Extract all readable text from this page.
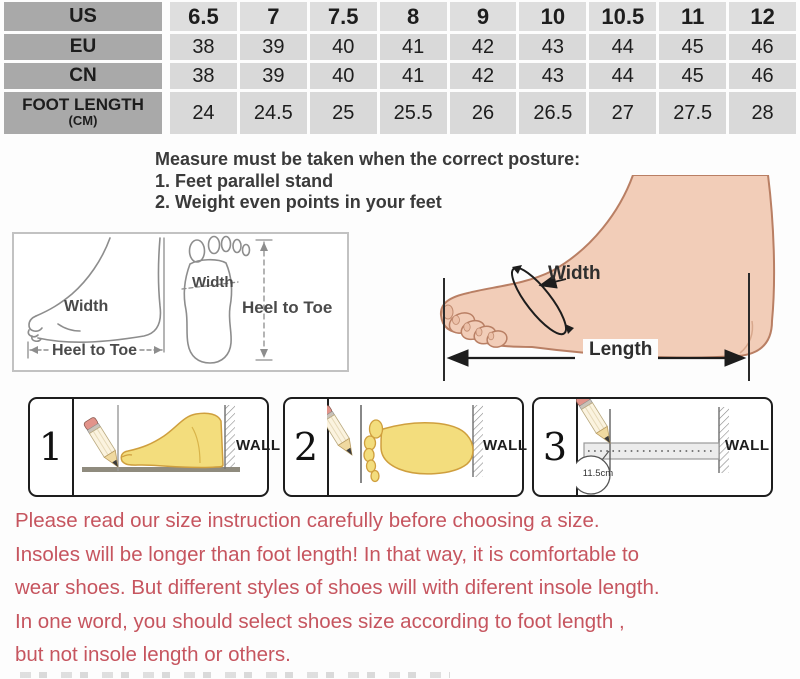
US	6.5	7	7.5	8	9	10	10.5	11	12
EU	38	39	40	41	42	43	44	45	46
CN	38	39	40	41	42	43	44	45	46
FOOT LENGTH
(CM)	24	24.5	25	25.5	26	26.5	27	27.5	28
Measure must be taken when the correct posture:
1. Feet parallel stand
2. Weight even points in your feet
Width
Heel to Toe
Width
Heel to Toe
Width
Length
1	WALL 2	WALL 3
11.5cm
WALL
Please read our size instruction carefully before choosing a size.
Insoles will be longer than foot length! In that way, it is comfortable to
wear shoes. But different styles of shoes will with diferent insole length.
In one word, you should select shoes size according to foot length ,
but not insole length or others.
